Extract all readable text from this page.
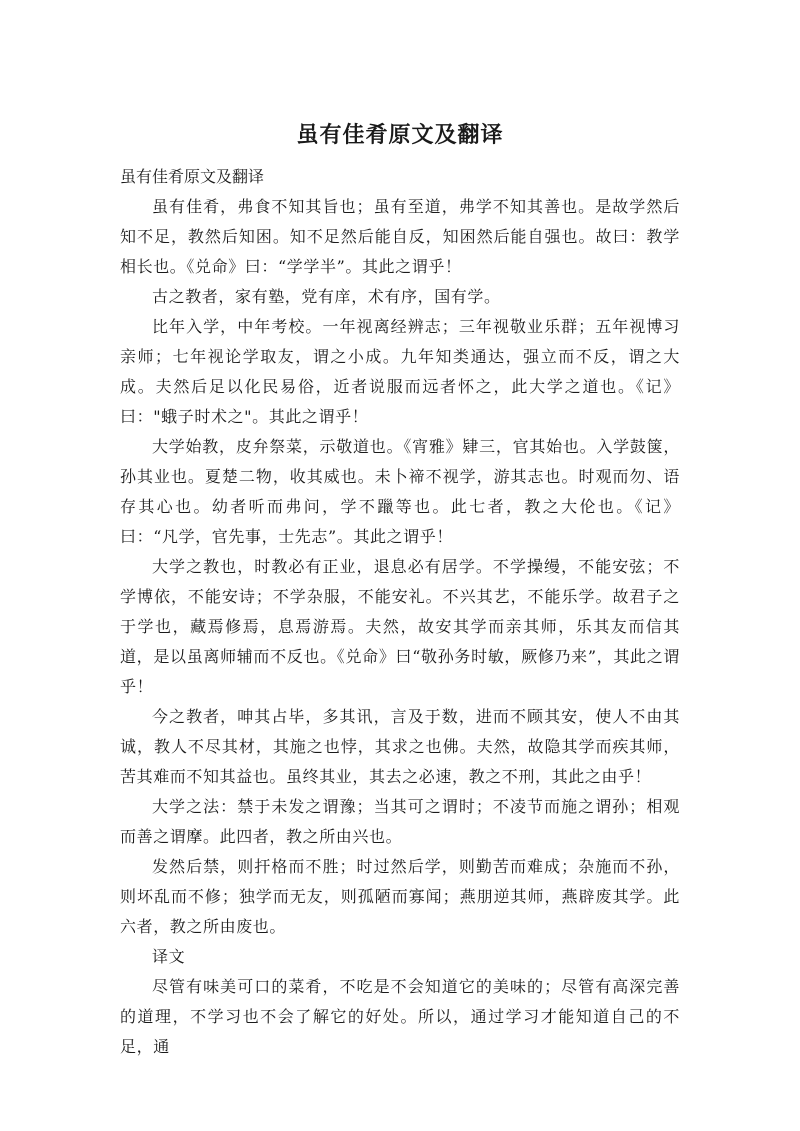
虽有佳肴原文及翻译

虽有佳肴原文及翻译

虽有佳肴，弗食不知其旨也；虽有至道，弗学不知其善也。是故学然后知不足，教然后知困。知不足然后能自反，知困然后能自强也。故曰：教学相长也。《兑命》曰：“学学半”。其此之谓乎！

古之教者，家有塾，党有庠，术有序，国有学。

比年入学，中年考校。一年视离经辨志；三年视敬业乐群；五年视博习亲师；七年视论学取友，谓之小成。九年知类通达，强立而不反，谓之大成。夫然后足以化民易俗，近者说服而远者怀之，此大学之道也。《记》曰："蛾子时术之"。其此之谓乎！

大学始教，皮弁祭菜，示敬道也。《宵雅》肄三，官其始也。入学鼓箧，孙其业也。夏楚二物，收其威也。未卜禘不视学，游其志也。时观而勿、语存其心也。幼者听而弗问，学不躐等也。此七者，教之大伦也。《记》曰：“凡学，官先事，士先志”。其此之谓乎！

大学之教也，时教必有正业，退息必有居学。不学操缦，不能安弦；不学博依，不能安诗；不学杂服，不能安礼。不兴其艺，不能乐学。故君子之于学也，藏焉修焉，息焉游焉。夫然，故安其学而亲其师，乐其友而信其道，是以虽离师辅而不反也。《兑命》曰“敬孙务时敏，厥修乃来”，其此之谓乎！

今之教者，呻其占毕，多其讯，言及于数，进而不顾其安，使人不由其诚，教人不尽其材，其施之也悖，其求之也佛。夫然，故隐其学而疾其师，苦其难而不知其益也。虽终其业，其去之必速，教之不刑，其此之由乎！

大学之法：禁于未发之谓豫；当其可之谓时；不凌节而施之谓孙；相观而善之谓摩。此四者，教之所由兴也。

发然后禁，则扞格而不胜；时过然后学，则勤苦而难成；杂施而不孙，则坏乱而不修；独学而无友，则孤陋而寡闻；燕朋逆其师，燕辟废其学。此六者，教之所由废也。

译文

尽管有味美可口的菜肴，不吃是不会知道它的美味的；尽管有高深完善的道理，不学习也不会了解它的好处。所以，通过学习才能知道自己的不足，通
